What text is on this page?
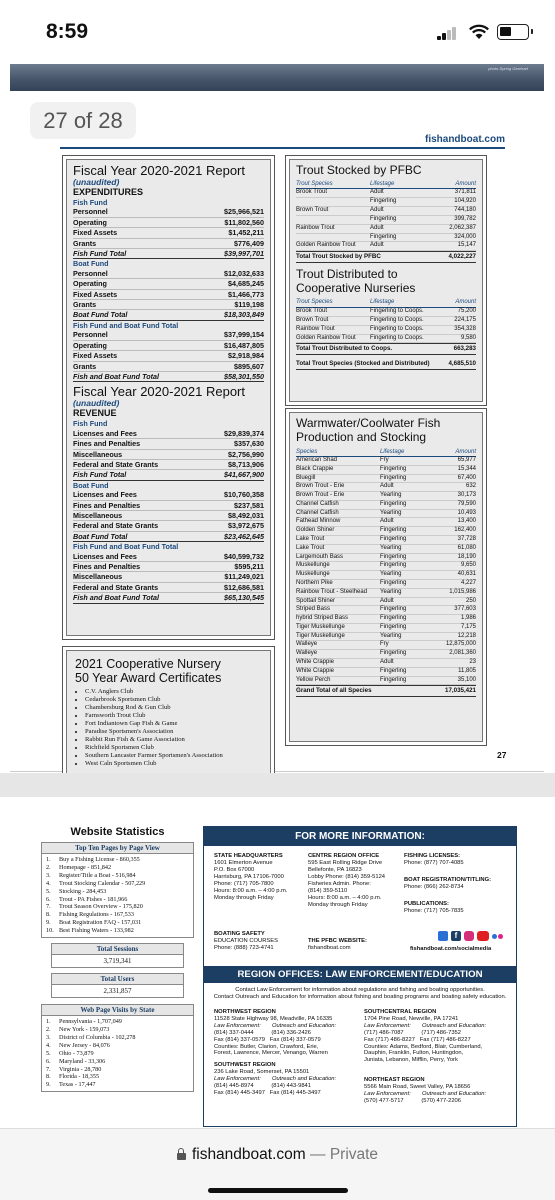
8:59
photo-Spring Gearhart
27 of 28
fishandboat.com
Fiscal Year 2020-2021 Report
(unaudited)
EXPENDITURES
Fish Fund
Personnel	$25,966,521
Operating	$11,802,560
Fixed Assets	$1,452,211
Grants	$776,409
Fish Fund Total	$39,997,701
Boat Fund
Personnel	$12,032,633
Operating	$4,685,245
Fixed Assets	$1,466,773
Grants	$119,198
Boat Fund Total	$18,303,849
Fish Fund and Boat Fund Total
Personnel	$37,999,154
Operating	$16,487,805
Fixed Assets	$2,918,984
Grants	$895,607
Fish and Boat Fund Total	$58,301,550
Fiscal Year 2020-2021 Report
(unaudited)
REVENUE
Fish Fund
Licenses and Fees	$29,839,374
Fines and Penalties	$357,630
Miscellaneous	$2,756,990
Federal and State Grants	$8,713,906
Fish Fund Total	$41,667,900
Boat Fund
Licenses and Fees	$10,760,358
Fines and Penalties	$237,581
Miscellaneous	$8,492,031
Federal and State Grants	$3,972,675
Boat Fund Total	$23,462,645
Fish Fund and Boat Fund Total
Licenses and Fees	$40,599,732
Fines and Penalties	$595,211
Miscellaneous	$11,249,021
Federal and State Grants	$12,686,581
Fish and Boat Fund Total	$65,130,545
2021 Cooperative Nursery
50 Year Award Certificates
• C.V. Anglers Club
• Cedarbrook Sportsmen Club
• Chambersburg Rod & Gun Club
• Farnsworth Trout Club
• Fort Indiantown Gap Fish & Game
• Paradise Sportsmen's Association
• Rabbit Run Fish & Game Association
• Richfield Sportsmen Club
• Southern Lancaster Farmer Sportsmen's Association
• West Caln Sportsmen Club
Trout Stocked by PFBC
Trout Species	Lifestage	Amount
Brook Trout	Adult	371,811
Fingerling	104,920
Brown Trout	Adult	744,180
Fingerling	399,782
Rainbow Trout	Adult	2,062,387
Fingerling	324,000
Golden Rainbow Trout	Adult	15,147
Total Trout Stocked by PFBC	4,022,227
Trout Distributed to
Cooperative Nurseries
Trout Species	Lifestage	Amount
Brook Trout	Fingerling to Coops.	75,200
Brown Trout	Fingerling to Coops.	224,175
Rainbow Trout	Fingerling to Coops.	354,328
Golden Rainbow Trout	Fingerling to Coops.	9,580
Total Trout Distributed to Coops.	663,283
Total Trout Species (Stocked and Distributed)	4,685,510
Warmwater/Coolwater Fish
Production and Stocking
Species	Lifestage	Amount
American Shad	Fry	65,977
Black Crappie	Fingerling	15,344
Bluegill	Fingerling	67,400
Brown Trout - Erie	Adult	632
Brown Trout - Erie	Yearling	30,173
Channel Catfish	Fingerling	79,590
Channel Catfish	Yearling	10,493
Fathead Minnow	Adult	13,400
Golden Shiner	Fingerling	162,400
Lake Trout	Fingerling	37,728
Lake Trout	Yearling	61,080
Largemouth Bass	Fingerling	18,190
Muskellunge	Fingerling	9,650
Muskellunge	Yearling	40,631
Northern Pike	Fingerling	4,227
Rainbow Trout - Steelhead	Yearling	1,015,986
Spottail Shiner	Adult	250
Striped Bass	Fingerling	377,603
hybrid Striped Bass	Fingerling	1,986
Tiger Muskellunge	Fingerling	7,175
Tiger Muskellunge	Yearling	12,218
Walleye	Fry	12,875,000
Walleye	Fingerling	2,081,360
White Crappie	Adult	23
White Crappie	Fingerling	11,805
Yellow Perch	Fingerling	35,100
Grand Total of all Species	17,035,421
27
Website Statistics
Top Ten Pages by Page View
1.	Buy a Fishing License - 860,355
2.	Homepage - 851,842
3.	Register/Title a Boat - 516,984
4.	Trout Stocking Calendar - 507,229
5.	Stocking - 284,453
6.	Trout - PA Fishes - 181,966
7.	Trout Season Overview - 175,820
8.	Fishing Regulations - 167,533
9.	Boat Registration FAQ - 157,031
10. Best Fishing Waters - 133,982
Total Sessions
3,719,341
Total Users
2,331,857
Web Page Visits by State
1.	Pennsylvania - 1,707,049
2.	New York - 159,073
3.	District of Columbia - 102,278
4.	New Jersey - 84,076
5.	Ohio - 73,879
6.	Maryland - 33,306
7.	Virginia - 28,780
8.	Florida - 18,355
9.	Texas - 17,447
FOR MORE INFORMATION:
STATE HEADQUARTERS
1601 Elmerton Avenue
P.O. Box 67000
Harrisburg, PA 17106-7000
Phone: (717) 705-7800
Hours: 8:00 a.m. – 4:00 p.m.
Monday through Friday
CENTRE REGION OFFICE
595 East Rolling Ridge Drive
Bellefonte, PA 16823
Lobby Phone: (814) 359-5124
Fisheries Admin. Phone:
(814) 359-5110
Hours: 8:00 a.m. – 4:00 p.m.
Monday through Friday
FISHING LICENSES:
Phone: (877) 707-4085
BOAT REGISTRATION/TITLING:
Phone: (866) 262-8734
PUBLICATIONS:
Phone: (717) 705-7835
BOATING SAFETY
EDUCATION COURSES
Phone: (888) 723-4741
THE PFBC WEBSITE:
fishandboat.com
f
fishandboat.com/socialmedia
REGION OFFICES: LAW ENFORCEMENT/EDUCATION
Contact Law Enforcement for information about regulations and fishing and boating opportunities.
Contact Outreach and Education for information about fishing and boating programs and boating safety education.
NORTHWEST REGION
11528 State Highway 98, Meadville, PA 16335
Law Enforcement:       Outreach and Education:
(814) 337-0444           (814) 336-2426
Fax (814) 337-0579   Fax (814) 337-0579
Counties: Butler, Clarion, Crawford, Erie,
Forest, Lawrence, Mercer, Venango, Warren
SOUTHCENTRAL REGION
1704 Pine Road, Newville, PA 17241
Law Enforcement:       Outreach and Education:
(717) 486-7087           (717) 486-7352
Fax (717) 486-8227   Fax (717) 486-8227
Counties: Adams, Bedford, Blair, Cumberland,
Dauphin, Franklin, Fulton, Huntingdon,
Juniata, Lebanon, Mifflin, Perry, York
SOUTHWEST REGION
236 Lake Road, Somerset, PA 15501
Law Enforcement:       Outreach and Education:
(814) 445-8974           (814) 443-9841
Fax (814) 445-3497   Fax (814) 445-3497
NORTHEAST REGION
5566 Main Road, Sweet Valley, PA 18656
Law Enforcement:       Outreach and Education:
(570) 477-5717           (570) 477-2206
fishandboat.com — Private
